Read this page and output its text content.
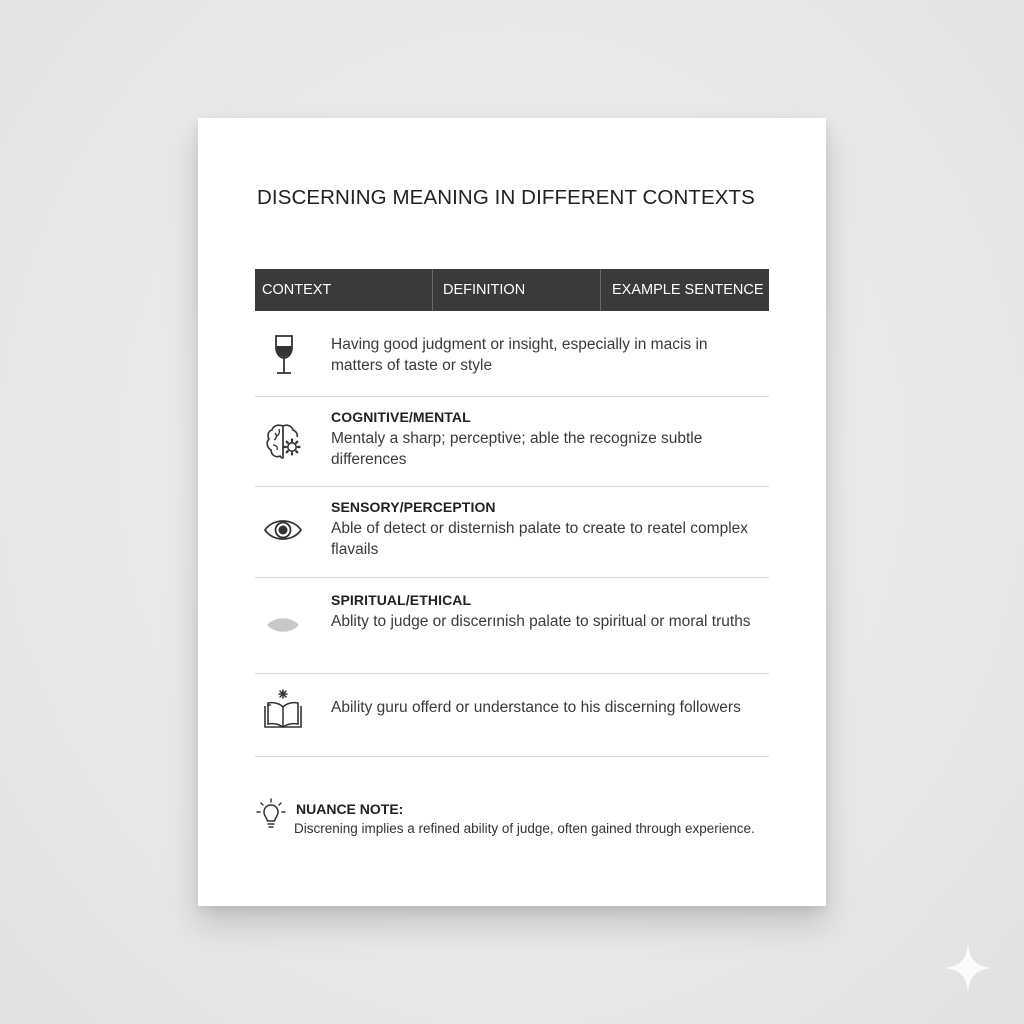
DISCERNING MEANING IN DIFFERENT CONTEXTS
CONTEXT	DEFINITION	EXAMPLE SENTENCE
Having good judgment or insight, especially in maᴄis in matters of taste or style
COGNITIVE/MENTAL
Mentaly a sharp; perceptive; able the recognize subtle differences
SENSORY/PERCEPTION
Able of detect or disternish palate to create to reatel complex flavails
SPIRITUAL/ETHICAL
Ablity to judge or discerınish palate to spiritual or moral truths
Ability guru offerd or understance to his discerning followers
NUANCE NOTE:
Discrening implies a refined ability of judge, often gained through experience.
